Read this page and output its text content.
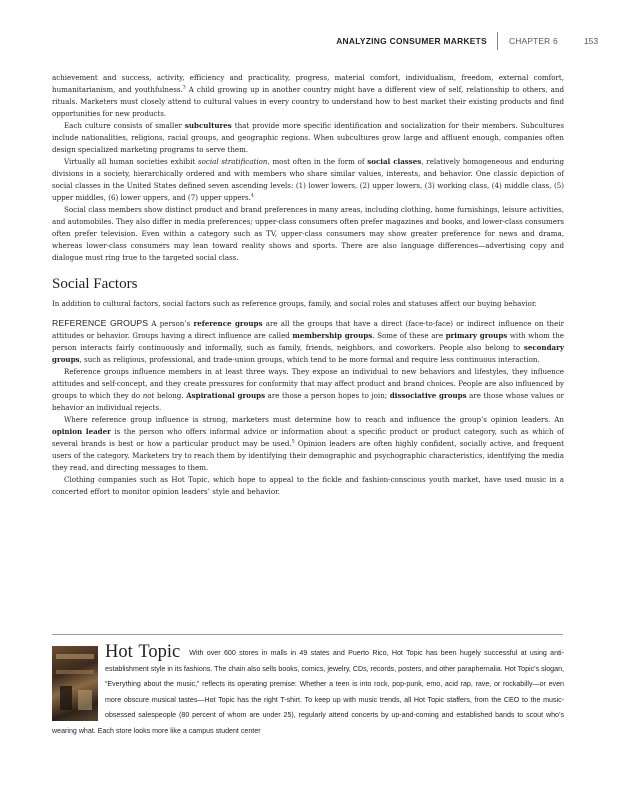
ANALYZING CONSUMER MARKETS	CHAPTER 6	153

achievement and success, activity, efficiency and practicality, progress, material comfort, individualism, freedom, external comfort, humanitarianism, and youthfulness.$^3$ A child growing up in another country might have a different view of self, relationship to others, and rituals. Marketers must closely attend to cultural values in every country to understand how to best market their existing products and find opportunities for new products.

Each culture consists of smaller subcultures that provide more specific identification and socialization for their members. Subcultures include nationalities, religions, racial groups, and geographic regions. When subcultures grow large and affluent enough, companies often design specialized marketing programs to serve them.

Virtually all human societies exhibit social stratification, most often in the form of social classes, relatively homogeneous and enduring divisions in a society, hierarchically ordered and with members who share similar values, interests, and behavior. One classic depiction of social classes in the United States defined seven ascending levels: (1) lower lowers, (2) upper lowers, (3) working class, (4) middle class, (5) upper middles, (6) lower uppers, and (7) upper uppers.$^4$

Social class members show distinct product and brand preferences in many areas, including clothing, home furnishings, leisure activities, and automobiles. They also differ in media preferences; upper-class consumers often prefer magazines and books, and lower-class consumers often prefer television. Even within a category such as TV, upper-class consumers may show greater preference for news and drama, whereas lower-class consumers may lean toward reality shows and sports. There are also language differences—advertising copy and dialogue must ring true to the targeted social class.

Social Factors

In addition to cultural factors, social factors such as reference groups, family, and social roles and statuses affect our buying behavior.

REFERENCE GROUPS A person’s reference groups are all the groups that have a direct (face-to-face) or indirect influence on their attitudes or behavior. Groups having a direct influence are called membership groups. Some of these are primary groups with whom the person interacts fairly continuously and informally, such as family, friends, neighbors, and coworkers. People also belong to secondary groups, such as religious, professional, and trade-union groups, which tend to be more formal and require less continuous interaction.

Reference groups influence members in at least three ways. They expose an individual to new behaviors and lifestyles, they influence attitudes and self-concept, and they create pressures for conformity that may affect product and brand choices. People are also influenced by groups to which they do not belong. Aspirational groups are those a person hopes to join; dissociative groups are those whose values or behavior an individual rejects.

Where reference group influence is strong, marketers must determine how to reach and influence the group’s opinion leaders. An opinion leader is the person who offers informal advice or information about a specific product or product category, such as which of several brands is best or how a particular product may be used.$^5$ Opinion leaders are often highly confident, socially active, and frequent users of the category. Marketers try to reach them by identifying their demographic and psychographic characteristics, identifying the media they read, and directing messages to them.

Clothing companies such as Hot Topic, which hope to appeal to the fickle and fashion-conscious youth market, have used music in a concerted effort to monitor opinion leaders’ style and behavior.

Hot Topic With over 600 stores in malls in 49 states and Puerto Rico, Hot Topic has been hugely successful at using anti-establishment style in its fashions. The chain also sells books, comics, jewelry, CDs, records, posters, and other paraphernalia. Hot Topic’s slogan, “Everything about the music,” reflects its operating premise: Whether a teen is into rock, pop-punk, emo, acid rap, rave, or rockabilly—or even more obscure musical tastes—Hot Topic has the right T-shirt. To keep up with music trends, all Hot Topic staffers, from the CEO to the music-obsessed salespeople (80 percent of whom are under 25), regularly attend concerts by up-and-coming and established bands to scout who’s wearing what. Each store looks more like a campus student center
